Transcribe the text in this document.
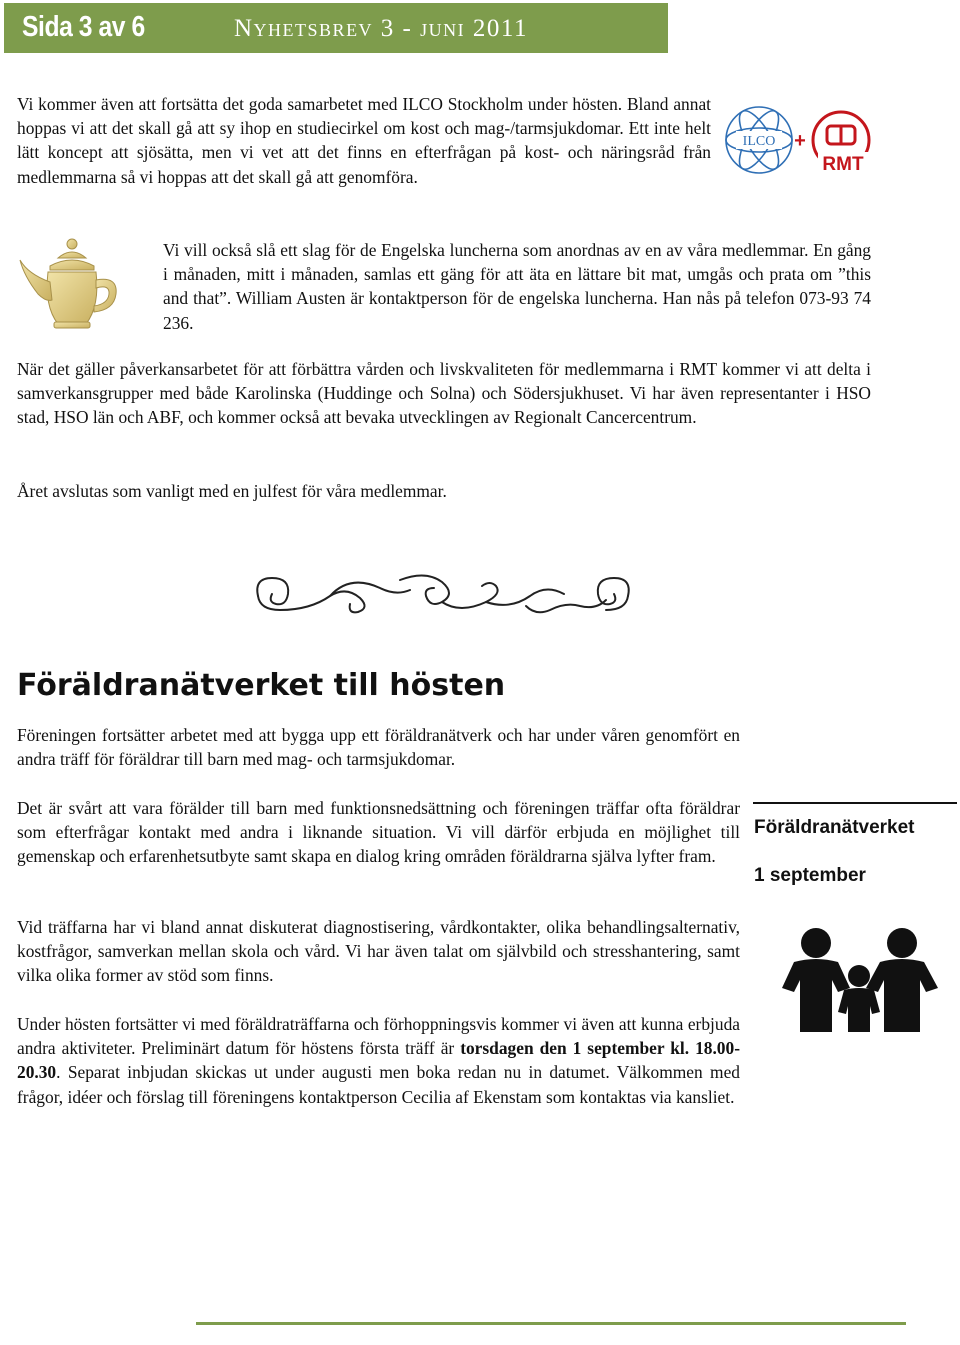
Sida 3 av 6	Nyhetsbrev 3 - juni 2011

Vi kommer även att fortsätta det goda samarbetet med ILCO Stockholm under hösten. Bland annat hoppas vi att det skall gå att sy ihop en studiecirkel om kost och mag-/tarmsjukdomar. Ett inte helt lätt koncept att sjösätta, men vi vet att det finns en efterfrågan på kost- och näringsråd från medlemmarna så vi hoppas att det skall gå att genomföra.

ILCO +
RMT

Vi vill också slå ett slag för de Engelska luncherna som anordnas av en av våra medlemmar. En gång i månaden, mitt i månaden, samlas ett gäng för att äta en lättare bit mat, umgås och prata om ”this and that”. William Austen är kontaktperson för de engelska luncherna. Han nås på telefon 073-93 74 236.

När det gäller påverkansarbetet för att förbättra vården och livskvaliteten för medlemmarna i RMT kommer vi att delta i samverkansgrupper med både Karolinska (Huddinge och Solna) och Södersjukhuset. Vi har även representanter i HSO stad, HSO län och ABF, och kommer också att bevaka utvecklingen av Regionalt Cancercentrum.

Året avslutas som vanligt med en julfest för våra medlemmar.

Föräldranätverket till hösten

Föreningen fortsätter arbetet med att bygga upp ett föräldranätverk och har under våren genomfört en andra träff för föräldrar till barn med mag- och tarmsjukdomar.

Det är svårt att vara förälder till barn med funktionsnedsättning och föreningen träffar ofta föräldrar som efterfrågar kontakt med andra i liknande situation. Vi vill därför erbjuda en möjlighet till gemenskap och erfarenhetsutbyte samt skapa en dialog kring områden föräldrarna själva lyfter fram.

Vid träffarna har vi bland annat diskuterat diagnostisering, vårdkontakter, olika behandlingsalternativ, kostfrågor, samverkan mellan skola och vård. Vi har även talat om självbild och stresshantering, samt vilka olika former av stöd som finns.

Under hösten fortsätter vi med föräldraträffarna och förhoppningsvis kommer vi även att kunna erbjuda andra aktiviteter. Preliminärt datum för höstens första träff är torsdagen den 1 september kl. 18.00-20.30. Separat inbjudan skickas ut under augusti men boka redan nu in datumet. Välkommen med frågor, idéer och förslag till föreningens kontaktperson Cecilia af Ekenstam som kontaktas via kansliet.

Föräldranätverket
1 september
